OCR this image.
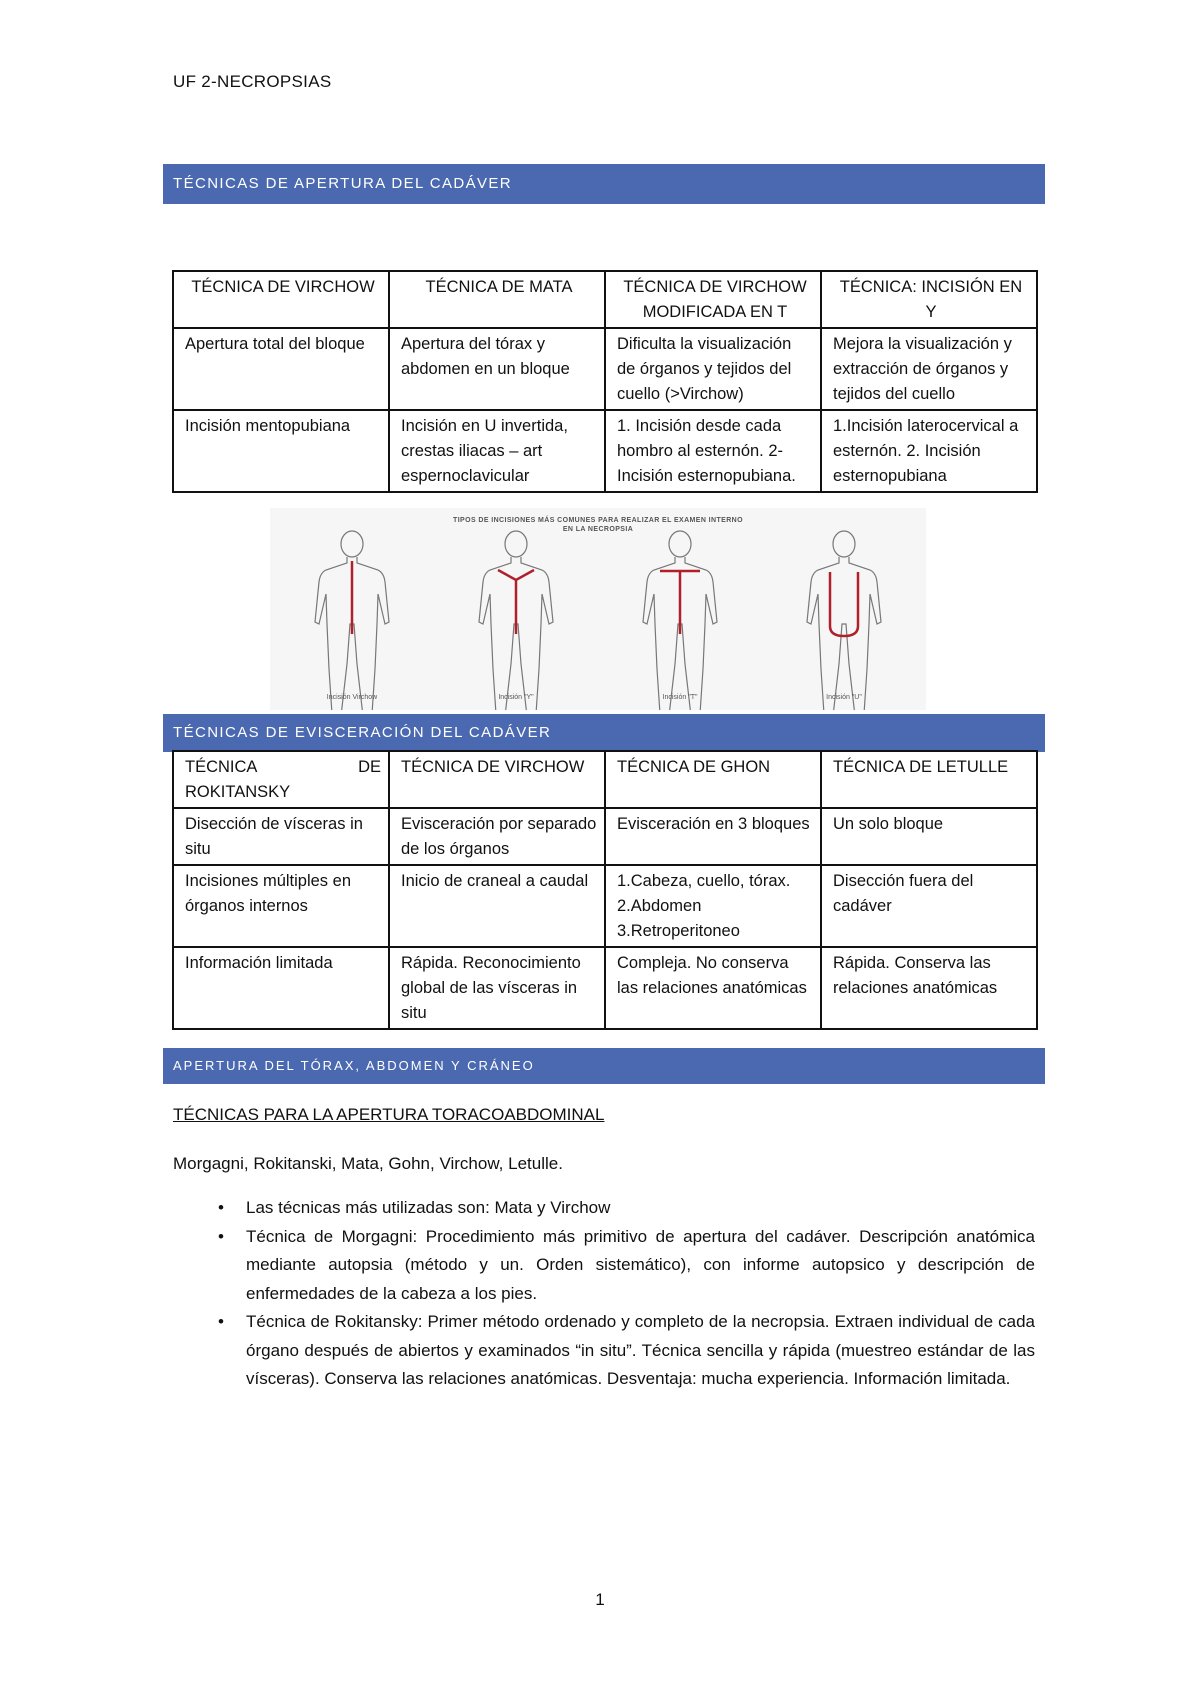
UF 2-NECROPSIAS
TÉCNICAS DE APERTURA DEL CADÁVER
TÉCNICA DE VIRCHOW	TÉCNICA DE MATA	TÉCNICA DE VIRCHOW MODIFICADA EN T	TÉCNICA: INCISIÓN EN Y
Apertura total del bloque	Apertura del tórax y abdomen en un bloque	Dificulta la visualización de órganos y tejidos del cuello (>Virchow)	Mejora la visualización y extracción de órganos y tejidos del cuello
Incisión mentopubiana	Incisión en U invertida, crestas iliacas – art espernoclavicular	1. Incisión desde cada hombro al esternón. 2- Incisión esternopubiana.	1.Incisión laterocervical a esternón. 2. Incisión esternopubiana
TIPOS DE INCISIONES MÁS COMUNES PARA REALIZAR EL EXAMEN INTERNO
EN LA NECROPSIA
Incisión Virchow	Incisión "Y"	Incisión "T"	Incisión "U"
TÉCNICAS DE EVISCERACIÓN DEL CADÁVER
TÉCNICA DE ROKITANSKY	TÉCNICA DE VIRCHOW	TÉCNICA DE GHON	TÉCNICA DE LETULLE
Disección de vísceras in situ	Evisceración por separado de los órganos	Evisceración en 3 bloques	Un solo bloque
Incisiones múltiples en órganos internos	Inicio de craneal a caudal	1.Cabeza, cuello, tórax. 2.Abdomen 3.Retroperitoneo	Disección fuera del cadáver
Información limitada	Rápida. Reconocimiento global de las vísceras in situ	Compleja. No conserva las relaciones anatómicas	Rápida. Conserva las relaciones anatómicas
APERTURA DEL TÓRAX, ABDOMEN Y CRÁNEO
TÉCNICAS PARA LA APERTURA TORACOABDOMINAL
Morgagni, Rokitanski, Mata, Gohn, Virchow, Letulle.
• Las técnicas más utilizadas son: Mata y Virchow
• Técnica de Morgagni: Procedimiento más primitivo de apertura del cadáver. Descripción anatómica mediante autopsia (método y un. Orden sistemático), con informe autopsico y descripción de enfermedades de la cabeza a los pies.
• Técnica de Rokitansky: Primer método ordenado y completo de la necropsia. Extraen individual de cada órgano después de abiertos y examinados “in situ”. Técnica sencilla y rápida (muestreo estándar de las vísceras). Conserva las relaciones anatómicas. Desventaja: mucha experiencia. Información limitada.
1
